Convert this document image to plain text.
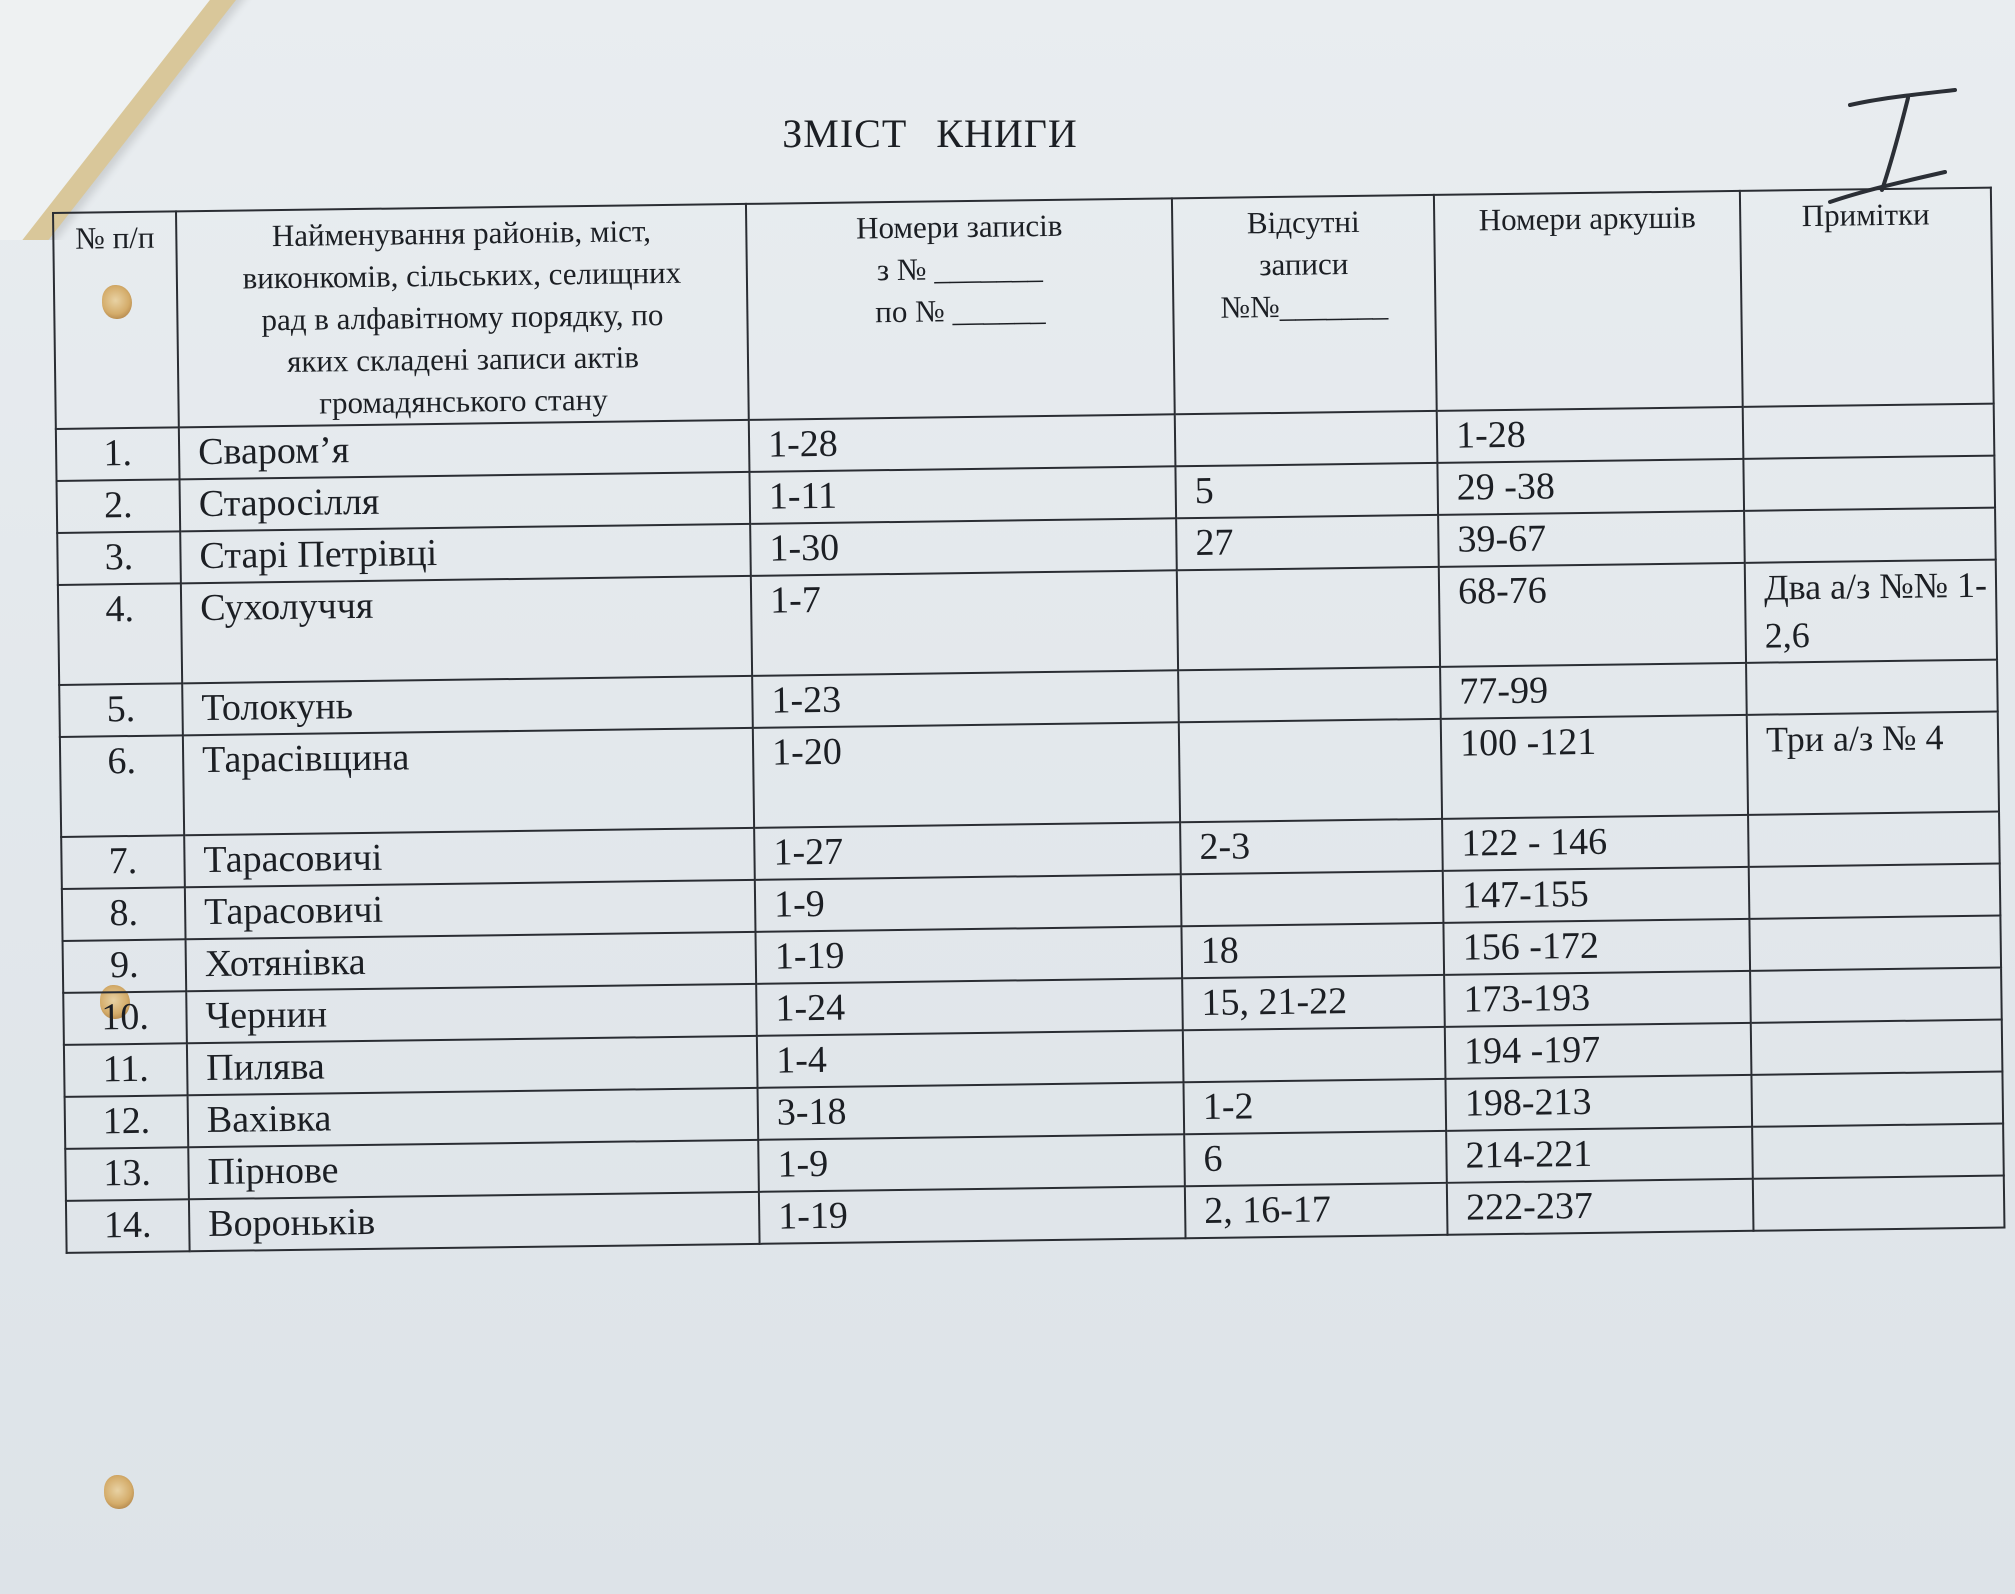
ЗМІСТ КНИГИ
№ п/п	Найменування районів, міст,
виконкомів, сільських, селищних
рад в алфавітному порядку, по
яких складені записи актів
громадянського стану	Номери записів
з № _______
по № ______	Відсутні
записи
№№_______	Номери аркушів	Примітки
1.	Сваром’я	1-28		1-28	
2.	Старосілля	1-11	5	29 -38	
3.	Старі Петрівці	1-30	27	39-67	
4.	Сухолуччя	1-7		68-76	Два а/з №№ 1-2,6
5.	Толокунь	1-23		77-99	
6.	Тарасівщина	1-20		100 -121	Три а/з № 4
7.	Тарасовичі	1-27	2-3	122 - 146	
8.	Тарасовичі	1-9		147-155	
9.	Хотянівка	1-19	18	156 -172	
10.	Чернин	1-24	15, 21-22	173-193	
11.	Пилява	1-4		194 -197	
12.	Вахівка	3-18	1-2	198-213	
13.	Пірнове	1-9	6	214-221	
14.	Вороньків	1-19	2, 16-17	222-237	
